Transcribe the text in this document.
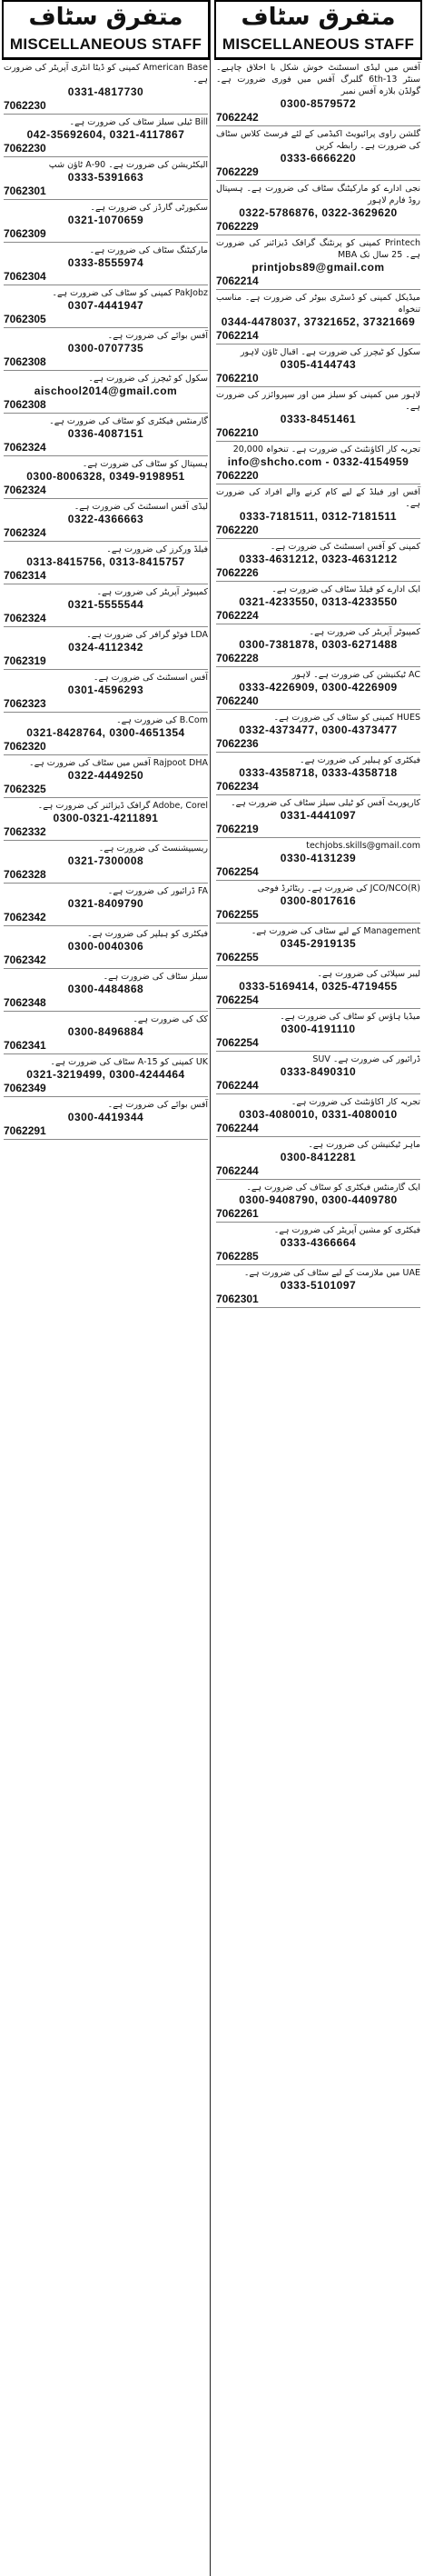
متفرق سٹاف
MISCELLANEOUS STAFF

آفس میں لیڈی اسسٹنٹ خوش شکل با اخلاق چاہیے۔ سنٹر 13-6th گلبرگ آفس میں فوری ضرورت ہے۔ گولڈن بلازہ آفس نمبر

0300-8579572

7062242

گلشن راوی پرائیویٹ اکیڈمی کے لئے فرسٹ کلاس سٹاف کی ضرورت ہے۔ رابطہ کریں

0333-6666220

7062229

نجی ادارے کو مارکیٹنگ سٹاف کی ضرورت ہے۔ ہسپتال روڈ فارم لاہور

0322-5786876, 0322-3629620

7062229

Printech کمپنی کو پرنٹنگ گرافک ڈیزائنر کی ضرورت ہے۔ 25 سال تک MBA

printjobs89@gmail.com

7062214

میڈیکل کمپنی کو ڈسٹری بیوٹر کی ضرورت ہے۔ مناسب تنخواہ

0344-4478037, 37321652, 37321669

7062214

سکول کو ٹیچرز کی ضرورت ہے۔ اقبال ٹاؤن لاہور

0305-4144743

7062210

لاہور میں کمپنی کو سیلز مین اور سپروائزر کی ضرورت ہے۔

0333-8451461

7062210

تجربہ کار اکاؤنٹنٹ کی ضرورت ہے۔ تنخواہ 20,000

info@shcho.com - 0332-4154959

7062220

آفس اور فیلڈ کے لیے کام کرنے والے افراد کی ضرورت ہے۔

0333-7181511, 0312-7181511

7062220

کمپنی کو آفس اسسٹنٹ کی ضرورت ہے۔

0333-4631212, 0323-4631212

7062226

ایک ادارے کو فیلڈ سٹاف کی ضرورت ہے۔

0321-4233550, 0313-4233550

7062224

کمپیوٹر آپریٹر کی ضرورت ہے۔

0300-7381878, 0303-6271488

7062228

AC ٹیکنیشن کی ضرورت ہے۔ لاہور

0333-4226909, 0300-4226909

7062240

HUES کمپنی کو سٹاف کی ضرورت ہے۔

0332-4373477, 0300-4373477

7062236

فیکٹری کو ہیلپر کی ضرورت ہے۔

0333-4358718, 0333-4358718

7062234

کارپوریٹ آفس کو ٹیلی سیلز سٹاف کی ضرورت ہے۔

0331-4441097

7062219

techjobs.skills@gmail.com

0330-4131239

7062254

JCO/NCO(R) کی ضرورت ہے۔ ریٹائرڈ فوجی

0300-8017616

7062255

Management کے لیے سٹاف کی ضرورت ہے۔

0345-2919135

7062255

لیبر سپلائی کی ضرورت ہے۔

0333-5169414, 0325-4719455

7062254

میڈیا ہاؤس کو سٹاف کی ضرورت ہے۔

0300-4191110

7062254

ڈرائیور کی ضرورت ہے۔ SUV

0333-8490310

7062244

تجربہ کار اکاؤنٹنٹ کی ضرورت ہے۔

0303-4080010, 0331-4080010

7062244

ماہر ٹیکنیشن کی ضرورت ہے۔

0300-8412281

7062244

ایک گارمنٹس فیکٹری کو سٹاف کی ضرورت ہے۔

0300-9408790, 0300-4409780

7062261

فیکٹری کو مشین آپریٹر کی ضرورت ہے۔

0333-4366664

7062285

UAE میں ملازمت کے لیے سٹاف کی ضرورت ہے۔

0333-5101097

7062301

متفرق سٹاف
MISCELLANEOUS STAFF

American Base کمپنی کو ڈیٹا انٹری آپریٹر کی ضرورت ہے۔

0331-4817730

7062230

Bill ٹیلی سیلز سٹاف کی ضرورت ہے۔

042-35692604, 0321-4117867

7062230

الیکٹریشن کی ضرورت ہے۔ 90-A ٹاؤن شپ

0333-5391663

7062301

سکیورٹی گارڈز کی ضرورت ہے۔

0321-1070659

7062309

مارکیٹنگ سٹاف کی ضرورت ہے۔

0333-8555974

7062304

PakJobz کمپنی کو سٹاف کی ضرورت ہے۔

0307-4441947

7062305

آفس بوائے کی ضرورت ہے۔

0300-0707735

7062308

سکول کو ٹیچرز کی ضرورت ہے۔

aischool2014@gmail.com

7062308

گارمنٹس فیکٹری کو سٹاف کی ضرورت ہے۔

0336-4087151

7062324

ہسپتال کو سٹاف کی ضرورت ہے۔

0300-8006328, 0349-9198951

7062324

لیڈی آفس اسسٹنٹ کی ضرورت ہے۔

0322-4366663

7062324

فیلڈ ورکرز کی ضرورت ہے۔

0313-8415756, 0313-8415757

7062314

کمپیوٹر آپریٹر کی ضرورت ہے۔

0321-5555544

7062324

LDA فوٹو گرافر کی ضرورت ہے۔

0324-4112342

7062319

آفس اسسٹنٹ کی ضرورت ہے۔

0301-4596293

7062323

B.Com کی ضرورت ہے۔

0321-8428764, 0300-4651354

7062320

Rajpoot DHA آفس میں سٹاف کی ضرورت ہے۔

0322-4449250

7062325

Adobe, Corel گرافک ڈیزائنر کی ضرورت ہے۔

0300-0321-4211891

7062332

ریسیپشنسٹ کی ضرورت ہے۔

0321-7300008

7062328

FA ڈرائیور کی ضرورت ہے۔

0321-8409790

7062342

فیکٹری کو ہیلپر کی ضرورت ہے۔

0300-0040306

7062342

سیلز سٹاف کی ضرورت ہے۔

0300-4484868

7062348

کک کی ضرورت ہے۔

0300-8496884

7062341

UK کمپنی کو 15-A سٹاف کی ضرورت ہے۔

0321-3219499, 0300-4244464

7062349

آفس بوائے کی ضرورت ہے۔

0300-4419344

7062291
